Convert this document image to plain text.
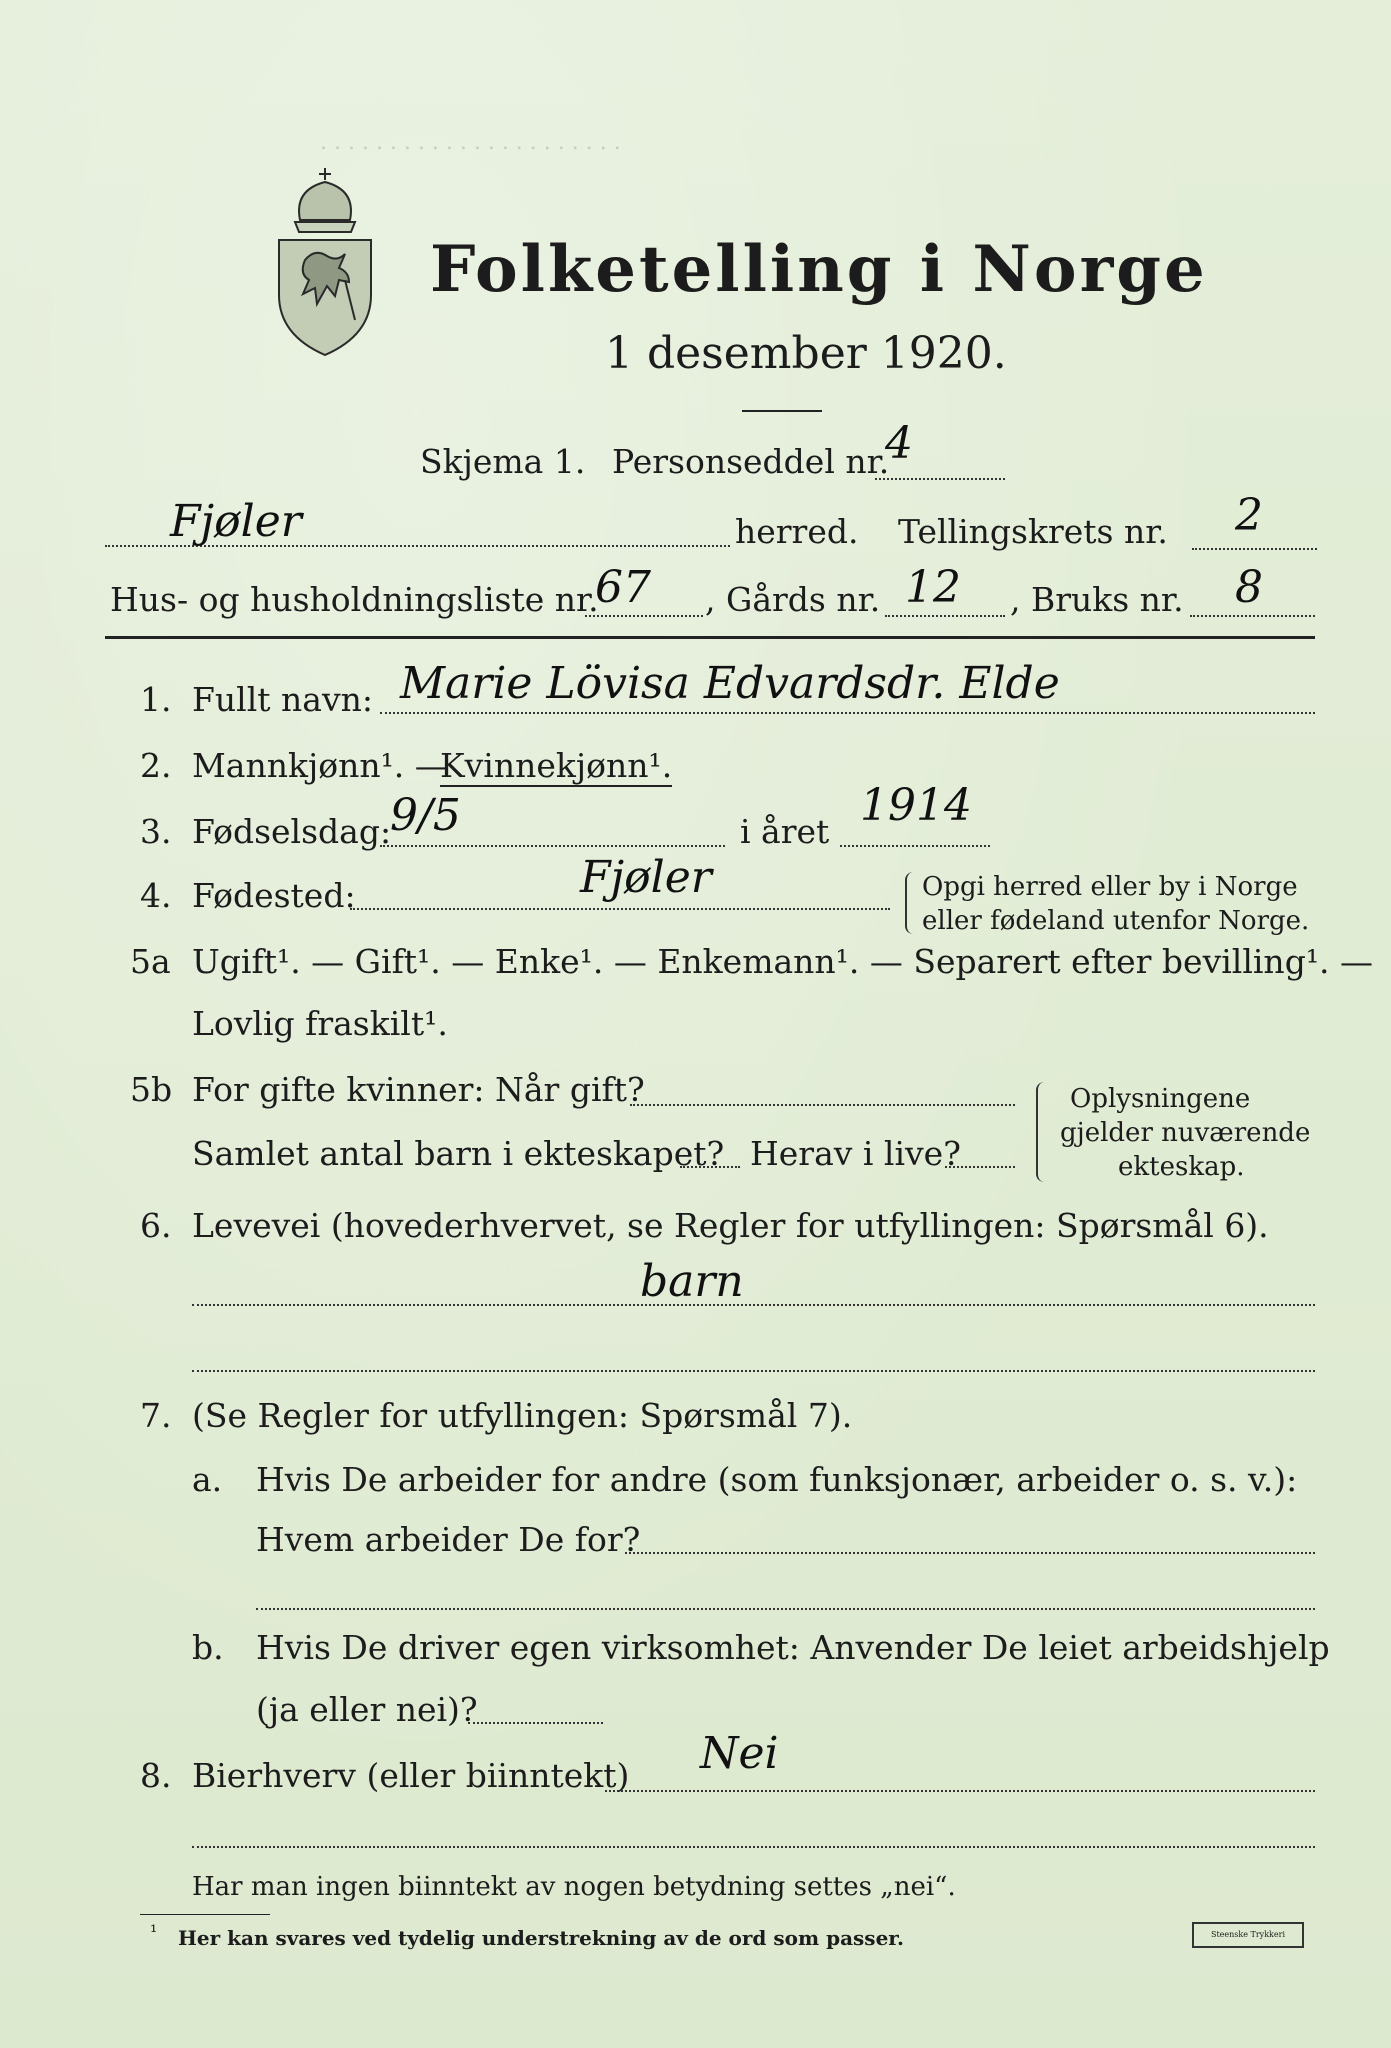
. . . . . . . . . . . . . . . . . . . . . .
Folketelling i Norge
1 desember 1920.
Skjema 1. Personseddel nr.
4
Fjøler	herred. Tellingskrets nr. 2
Hus- og husholdningsliste nr.
67 , Gårds nr. 12 , Bruks nr. 8
1. Fullt navn: Marie Lövisa Edvardsdr. Elde
2. Mannkjønn¹. —
Kvinnekjønn¹.
3. Fødselsdag:
9/5	i året
1914
4. Fødested:	Fjøler	Opgi herred eller by i Norge
eller fødeland utenfor Norge.
5a Ugift¹. — Gift¹. — Enke¹. — Enkemann¹. — Separert efter bevilling¹. —
Lovlig fraskilt¹.
5b For gifte kvinner: Når gift?
Samlet antal barn i ekteskapet? Herav i live?
Oplysningene
gjelder nuværende
ekteskap.
6. Levevei (hovederhvervet, se Regler for utfyllingen: Spørsmål 6).
barn
7. (Se Regler for utfyllingen: Spørsmål 7).
a. Hvis De arbeider for andre (som funksjonær, arbeider o. s. v.):
Hvem arbeider De for?
b. Hvis De driver egen virksomhet: Anvender De leiet arbeidshjelp
(ja eller nei)?
8. Bierhverv (eller biinntekt) Nei
Har man ingen biinntekt av nogen betydning settes „nei“.
¹ Her kan svares ved tydelig understrekning av de ord som passer.	Steenske Trykkeri
